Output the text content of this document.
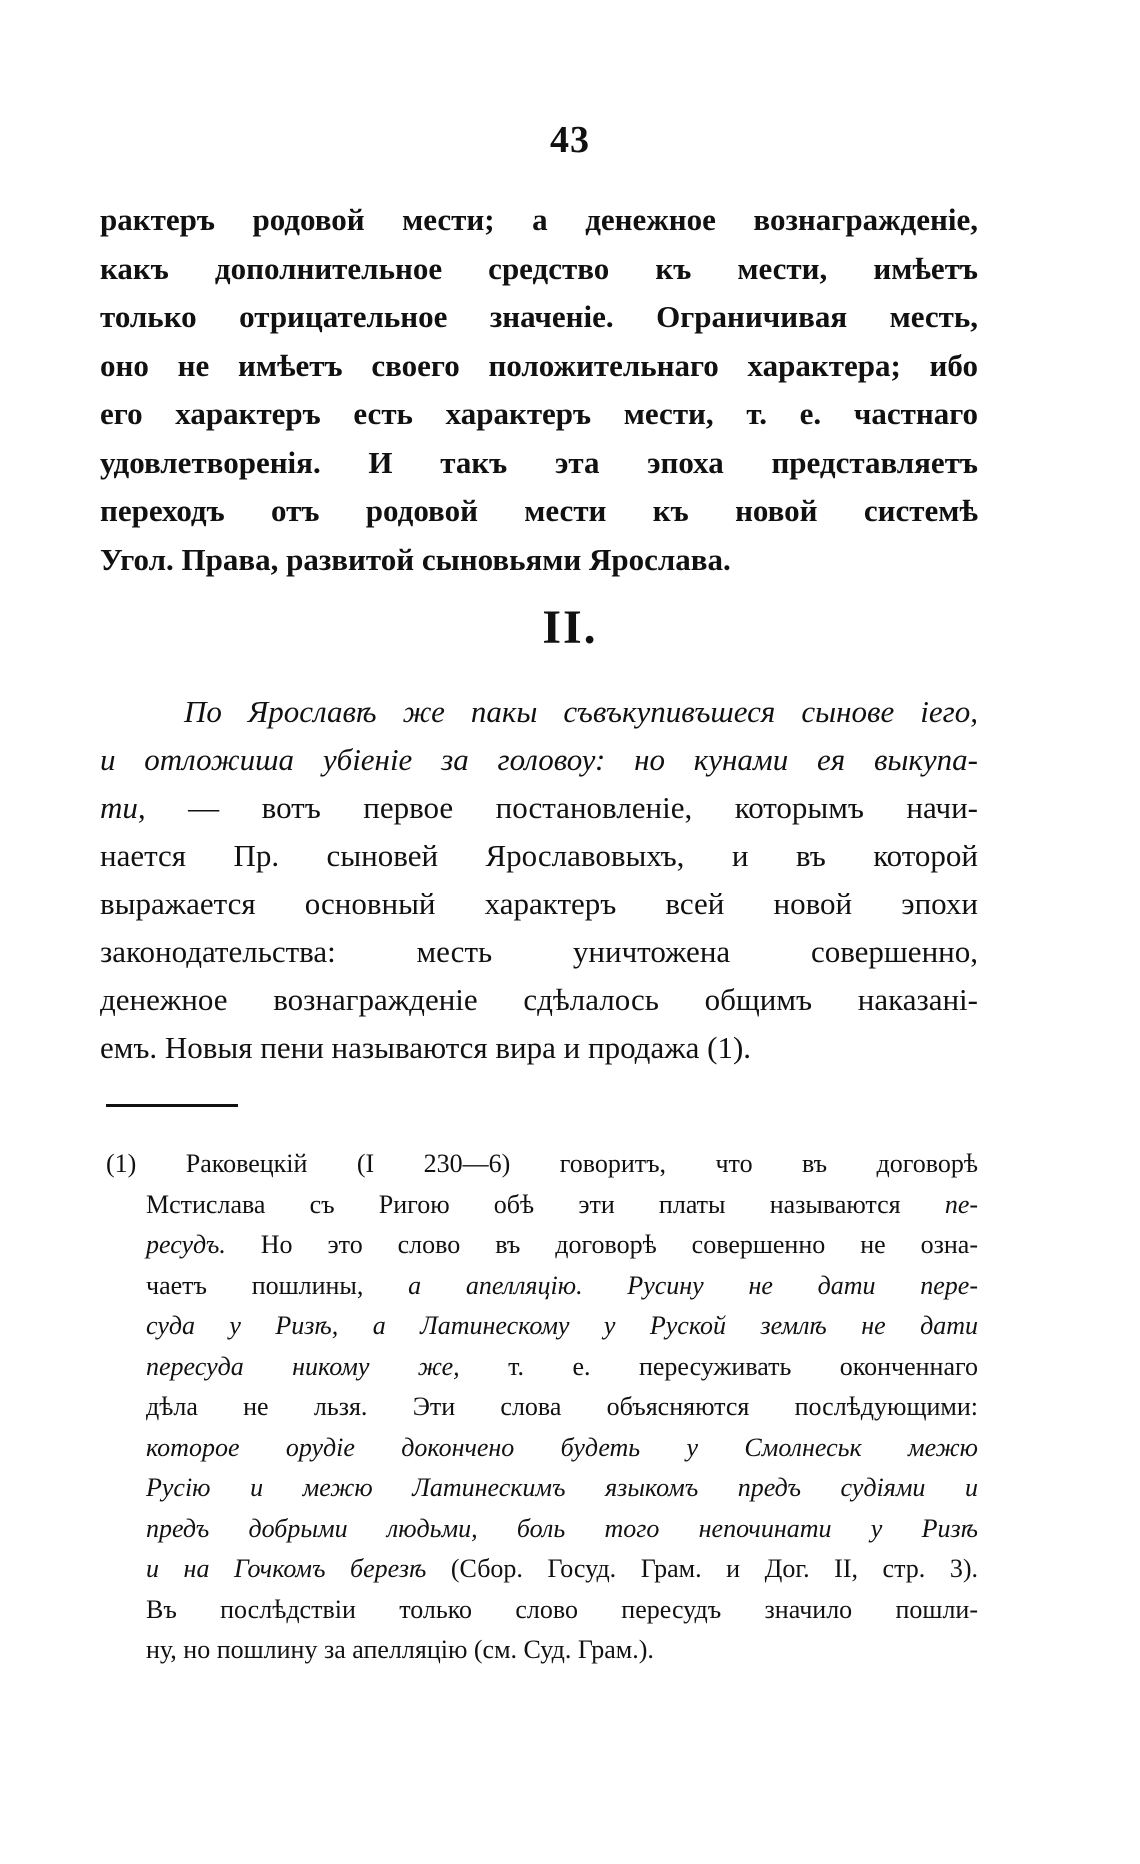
43
рактеръ родовой мести; а денежное вознагражденіе,
какъ дополнительное средство къ мести, имѣетъ
только отрицательное значеніе. Ограничивая месть,
оно не имѣетъ своего положительнаго характера; ибо
его характеръ есть характеръ мести, т. е. частнаго
удовлетворенія. И такъ эта эпоха представляетъ
переходъ отъ родовой мести къ новой системѣ
Угол. Права, развитой сыновьями Ярослава.
II.
По Ярославѣ же пакы съвъкупивъшеся сынове іего,
и отложиша убіеніе за головоу: но кунами ея выкупа-
ти, — вотъ первое постановленіе, которымъ начи-
нается Пр. сыновей Ярославовыхъ, и въ которой
выражается основный характеръ всей новой эпохи
законодательства: месть уничтожена совершенно,
денежное вознагражденіе сдѣлалось общимъ наказані-
емъ. Новыя пени называются вира и продажа (1).
(1) Раковецкій (I 230—6) говоритъ, что въ договорѣ
Мстислава съ Ригою обѣ эти платы называются пе-
ресудъ. Но это слово въ договорѣ совершенно не озна-
чаетъ пошлины, а апелляцію. Русину не дати пере-
суда у Ризѣ, а Латинескому у Руской землѣ не дати
пересуда никому же, т. е. пересуживать оконченнаго
дѣла не льзя. Эти слова объясняются послѣдующими:
которое орудіе докончено будеть у Смолнеськ межю
Русію и межю Латинескимъ языкомъ предъ судіями и
предъ добрыми людьми, боль того непочинати у Ризѣ
и на Гочкомъ березѣ (Сбор. Госуд. Грам. и Дог. II, стр. 3).
Въ послѣдствіи только слово пересудъ значило пошли-
ну, но пошлину за апелляцію (см. Суд. Грам.).
